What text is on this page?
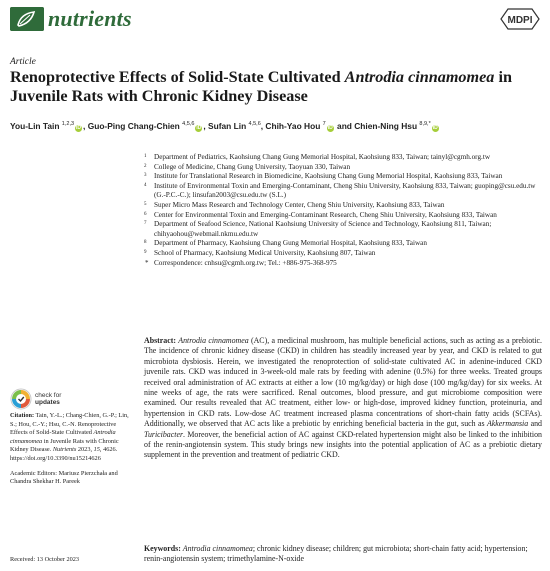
nutrients	MDPI
Article
Renoprotective Effects of Solid-State Cultivated Antrodia cinnamomea in Juvenile Rats with Chronic Kidney Disease
You-Lin Tain $^{1,2,3}$iD , Guo-Ping Chang-Chien $^{4,5,6}$iD , Sufan Lin $^{4,5,6}$, Chih-Yao Hou $^7$iD and Chien-Ning Hsu $^{8,9,*}$iD
1 Department of Pediatrics, Kaohsiung Chang Gung Memorial Hospital, Kaohsiung 833, Taiwan; tainyl@cgmh.org.tw
2 College of Medicine, Chang Gung University, Taoyuan 330, Taiwan
3 Institute for Translational Research in Biomedicine, Kaohsiung Chang Gung Memorial Hospital, Kaohsiung 833, Taiwan
4 Institute of Environmental Toxin and Emerging-Contaminant, Cheng Shiu University, Kaohsiung 833, Taiwan; guoping@csu.edu.tw (G.-P.C.-C.); linsufan2003@csu.edu.tw (S.L.)
5 Super Micro Mass Research and Technology Center, Cheng Shiu University, Kaohsiung 833, Taiwan
6 Center for Environmental Toxin and Emerging-Contaminant Research, Cheng Shiu University, Kaohsiung 833, Taiwan
7 Department of Seafood Science, National Kaohsiung University of Science and Technology, Kaohsiung 811, Taiwan; chihyaohou@webmail.nkmu.edu.tw
8 Department of Pharmacy, Kaohsiung Chang Gung Memorial Hospital, Kaohsiung 833, Taiwan
9 School of Pharmacy, Kaohsiung Medical University, Kaohsiung 807, Taiwan
* Correspondence: cnhsu@cgmh.org.tw; Tel.: +886-975-368-975
check for
updates
Citation: Tain, Y.-L.; Chang-Chien, G.-P.; Lin, S.; Hou, C.-Y.; Hsu, C.-N. Renoprotective Effects of Solid-State Cultivated Antrodia cinnamomea in Juvenile Rats with Chronic Kidney Disease. Nutrients 2023, 15, 4626. https://doi.org/10.3390/nu15214626
Academic Editors: Mariusz Pierzchała and Chandra Shekhar H. Pareek
Received: 13 October 2023
Abstract: Antrodia cinnamomea (AC), a medicinal mushroom, has multiple beneficial actions, such as acting as a prebiotic. The incidence of chronic kidney disease (CKD) in children has steadily increased year by year, and CKD is related to gut microbiota dysbiosis. Herein, we investigated the renoprotection of solid-state cultivated AC in adenine-induced CKD juvenile rats. CKD was induced in 3-week-old male rats by feeding with adenine (0.5%) for three weeks. Treated groups received oral administration of AC extracts at either a low (10 mg/kg/day) or high dose (100 mg/kg/day) for six weeks. At nine weeks of age, the rats were sacrificed. Renal outcomes, blood pressure, and gut microbiome composition were examined. Our results revealed that AC treatment, either low- or high-dose, improved kidney function, proteinuria, and hypertension in CKD rats. Low-dose AC treatment increased plasma concentrations of short-chain fatty acids (SCFAs). Additionally, we observed that AC acts like a prebiotic by enriching beneficial bacteria in the gut, such as Akkermansia and Turicibacter. Moreover, the beneficial action of AC against CKD-related hypertension might also be linked to the inhibition of the renin-angiotensin system. This study brings new insights into the potential application of AC as a prebiotic dietary supplement in the prevention and treatment of pediatric CKD.
Keywords: Antrodia cinnamomea; chronic kidney disease; children; gut microbiota; short-chain fatty acid; hypertension; renin-angiotensin system; trimethylamine-N-oxide
